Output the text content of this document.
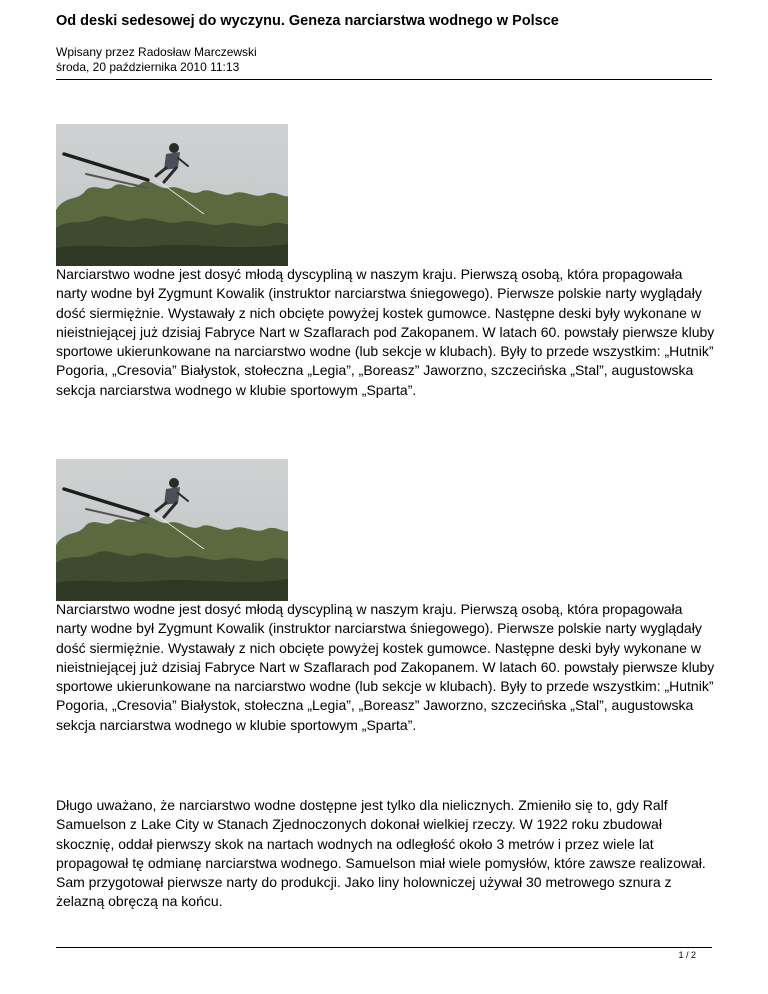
Od deski sedesowej do wyczynu. Geneza narciarstwa wodnego w Polsce
Wpisany przez Radosław Marczewski
środa, 20 października 2010 11:13
Narciarstwo wodne jest dosyć młodą dyscypliną w naszym kraju. Pierwszą osobą, która propagowała narty wodne był Zygmunt Kowalik (instruktor narciarstwa śniegowego). Pierwsze polskie narty wyglądały dość siermiężnie. Wystawały z nich obcięte powyżej kostek gumowce. Następne deski były wykonane w nieistniejącej już dzisiaj Fabryce Nart w Szaflarach pod Zakopanem. W latach 60. powstały pierwsze kluby sportowe ukierunkowane na narciarstwo wodne (lub sekcje w klubach). Były to przede wszystkim: „Hutnik” Pogoria, „Cresovia” Białystok, stołeczna „Legia”, „Boreasz” Jaworzno, szczecińska „Stal”, augustowska sekcja narciarstwa wodnego w klubie sportowym „Sparta”.
Narciarstwo wodne jest dosyć młodą dyscypliną w naszym kraju. Pierwszą osobą, która propagowała narty wodne był Zygmunt Kowalik (instruktor narciarstwa śniegowego). Pierwsze polskie narty wyglądały dość siermiężnie. Wystawały z nich obcięte powyżej kostek gumowce. Następne deski były wykonane w nieistniejącej już dzisiaj Fabryce Nart w Szaflarach pod Zakopanem. W latach 60. powstały pierwsze kluby sportowe ukierunkowane na narciarstwo wodne (lub sekcje w klubach). Były to przede wszystkim: „Hutnik” Pogoria, „Cresovia” Białystok, stołeczna „Legia”, „Boreasz” Jaworzno, szczecińska „Stal”, augustowska sekcja narciarstwa wodnego w klubie sportowym „Sparta”.
Długo uważano, że narciarstwo wodne dostępne jest tylko dla nielicznych. Zmieniło się to, gdy Ralf Samuelson z Lake City w Stanach Zjednoczonych dokonał wielkiej rzeczy. W 1922 roku zbudował skocznię, oddał pierwszy skok na nartach wodnych na odległość około 3 metrów i przez wiele lat propagował tę odmianę narciarstwa wodnego. Samuelson miał wiele pomysłów, które zawsze realizował. Sam przygotował pierwsze narty do produkcji. Jako liny holowniczej używał 30 metrowego sznura z żelazną obręczą na końcu.
1 / 2
